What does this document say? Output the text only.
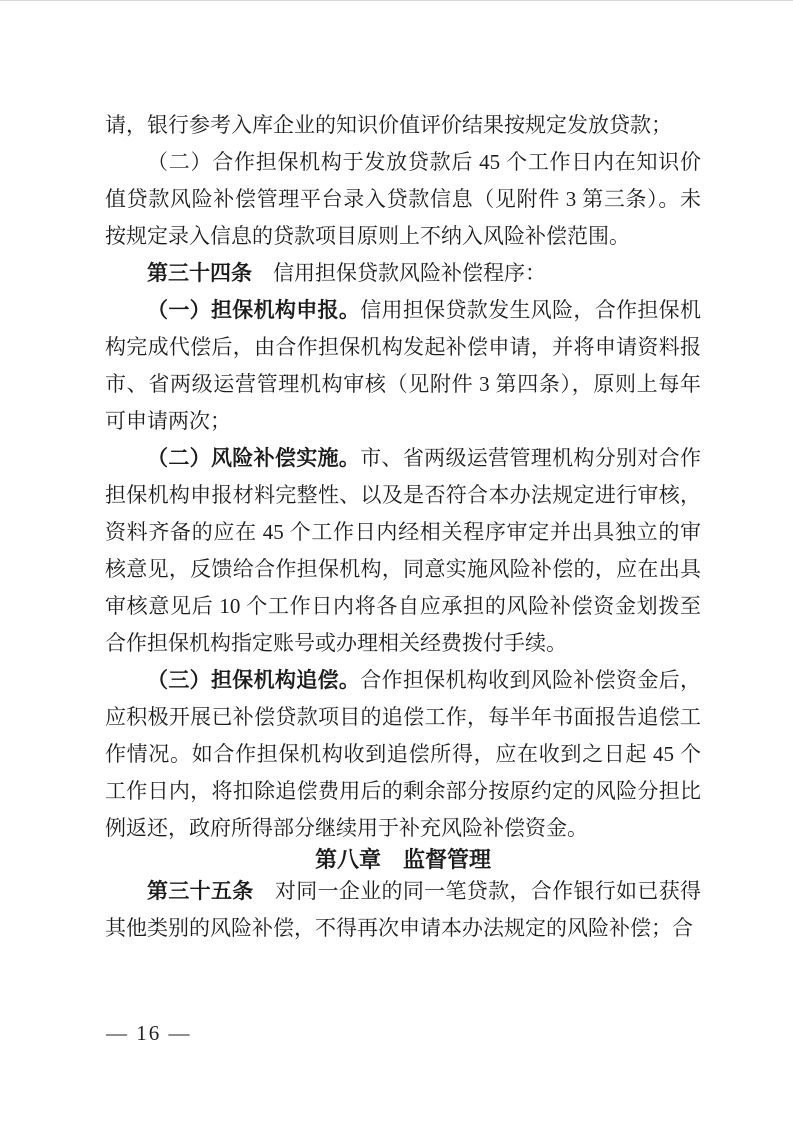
请，银行参考入库企业的知识价值评价结果按规定发放贷款；

（二）合作担保机构于发放贷款后 45 个工作日内在知识价值贷款风险补偿管理平台录入贷款信息（见附件 3 第三条）。未按规定录入信息的贷款项目原则上不纳入风险补偿范围。

第三十四条　信用担保贷款风险补偿程序：

（一）担保机构申报。信用担保贷款发生风险，合作担保机构完成代偿后，由合作担保机构发起补偿申请，并将申请资料报市、省两级运营管理机构审核（见附件 3 第四条），原则上每年可申请两次；

（二）风险补偿实施。市、省两级运营管理机构分别对合作担保机构申报材料完整性、以及是否符合本办法规定进行审核，资料齐备的应在 45 个工作日内经相关程序审定并出具独立的审核意见，反馈给合作担保机构，同意实施风险补偿的，应在出具审核意见后 10 个工作日内将各自应承担的风险补偿资金划拨至合作担保机构指定账号或办理相关经费拨付手续。

（三）担保机构追偿。合作担保机构收到风险补偿资金后，应积极开展已补偿贷款项目的追偿工作，每半年书面报告追偿工作情况。如合作担保机构收到追偿所得，应在收到之日起 45 个工作日内，将扣除追偿费用后的剩余部分按原约定的风险分担比例返还，政府所得部分继续用于补充风险补偿资金。

第八章　监督管理

第三十五条　对同一企业的同一笔贷款，合作银行如已获得其他类别的风险补偿，不得再次申请本办法规定的风险补偿；合

— 16 —
